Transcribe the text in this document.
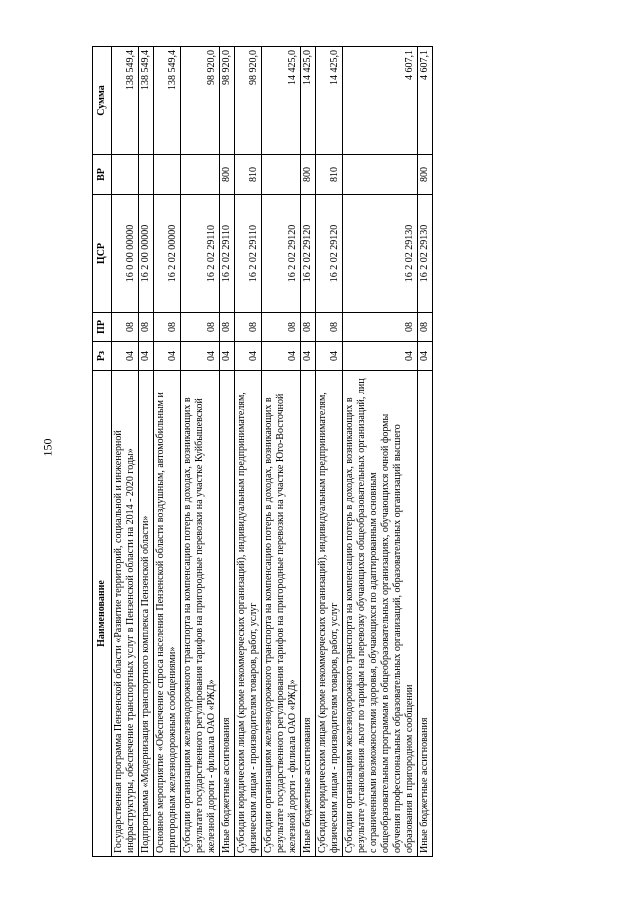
150
Наименование	Рз	ПР	ЦСР	ВР	Сумма
Государственная программа Пензенской области «Развитие территорий, социальной и инженерной инфраструктуры, обеспечение транспортных услуг в Пензенской области на 2014 - 2020 годы»	04	08	16 0 00 00000		138 549,4
Подпрограмма «Модернизация транспортного комплекса Пензенской области»	04	08	16 2 00 00000		138 549,4
Основное мероприятие «Обеспечение спроса населения Пензенской области воздушным, автомобильным и пригородным железнодорожным сообщениями»	04	08	16 2 02 00000		138 549,4
Субсидии организациям железнодорожного транспорта на компенсацию потерь в доходах, возникающих в результате государственного регулирования тарифов на пригородные перевозки на участке Куйбышевской железной дороги - филиала ОАО «РЖД»	04	08	16 2 02 29110		98 920,0
Иные бюджетные ассигнования	04	08	16 2 02 29110	800	98 920,0
Субсидии юридическим лицам (кроме некоммерческих организаций), индивидуальным предпринимателям, физическим лицам - производителям товаров, работ, услуг	04	08	16 2 02 29110	810	98 920,0
Субсидии организациям железнодорожного транспорта на компенсацию потерь в доходах, возникающих в результате государственного регулирования тарифов на пригородные перевозки на участке Юго-Восточной железной дороги - филиала ОАО «РЖД»	04	08	16 2 02 29120		14 425,0
Иные бюджетные ассигнования	04	08	16 2 02 29120	800	14 425,0
Субсидии юридическим лицам (кроме некоммерческих организаций), индивидуальным предпринимателям, физическим лицам - производителям товаров, работ, услуг	04	08	16 2 02 29120	810	14 425,0
Субсидии организациям железнодорожного транспорта на компенсацию потерь в доходах, возникающих в результате установления льгот по тарифам на перевозку обучающихся общеобразовательных организаций, лиц с ограниченными возможностями здоровья, обучающихся по адаптированным основным общеобразовательным программам в общеобразовательных организациях, обучающихся очной формы обучения профессиональных образовательных организаций, образовательных организаций высшего образования в пригородном сообщении	04	08	16 2 02 29130		4 607,1
Иные бюджетные ассигнования	04	08	16 2 02 29130	800	4 607,1
